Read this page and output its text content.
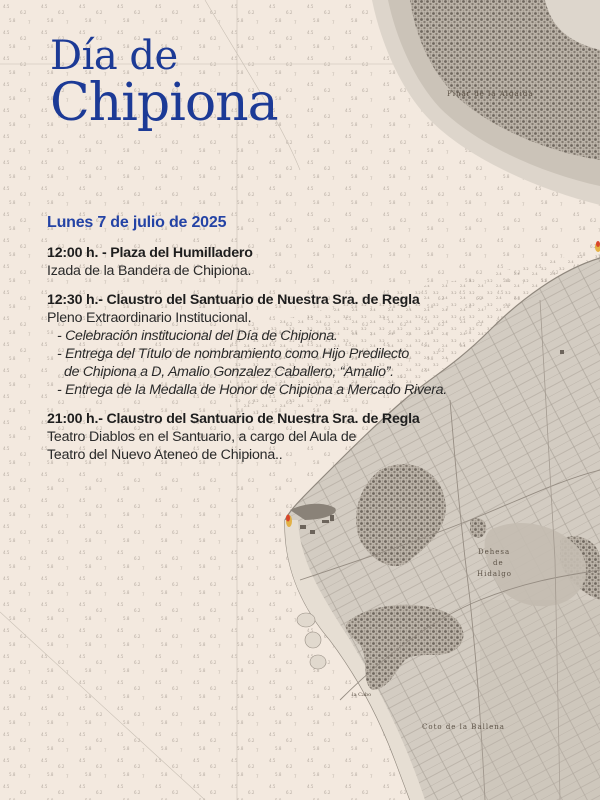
Pinar de la Algaida
Dehesa
de
Hidalgo
Coto de la Ballena
la Cabo
Día de
Chipiona
Lunes 7 de julio de 2025
12:00 h. - Plaza del Humilladero
Izada de la Bandera de Chipiona.
12:30 h.- Claustro del Santuario de Nuestra Sra. de Regla
Pleno Extraordinario Institucional.
- Celebración institucional del Día de Chipiona.
- Entrega del Título de nombramiento como Hijo Predilecto
de Chipiona a D, Amalio Gonzalez Caballero, “Amalio”.
- Entrega de la Medalla de Honor de Chipiona a Mercado Rivera.
21:00 h.- Claustro del Santuario de Nuestra Sra. de Regla
Teatro Diablos en el Santuario, a cargo del Aula de
Teatro del Nuevo Ateneo de Chipiona..
